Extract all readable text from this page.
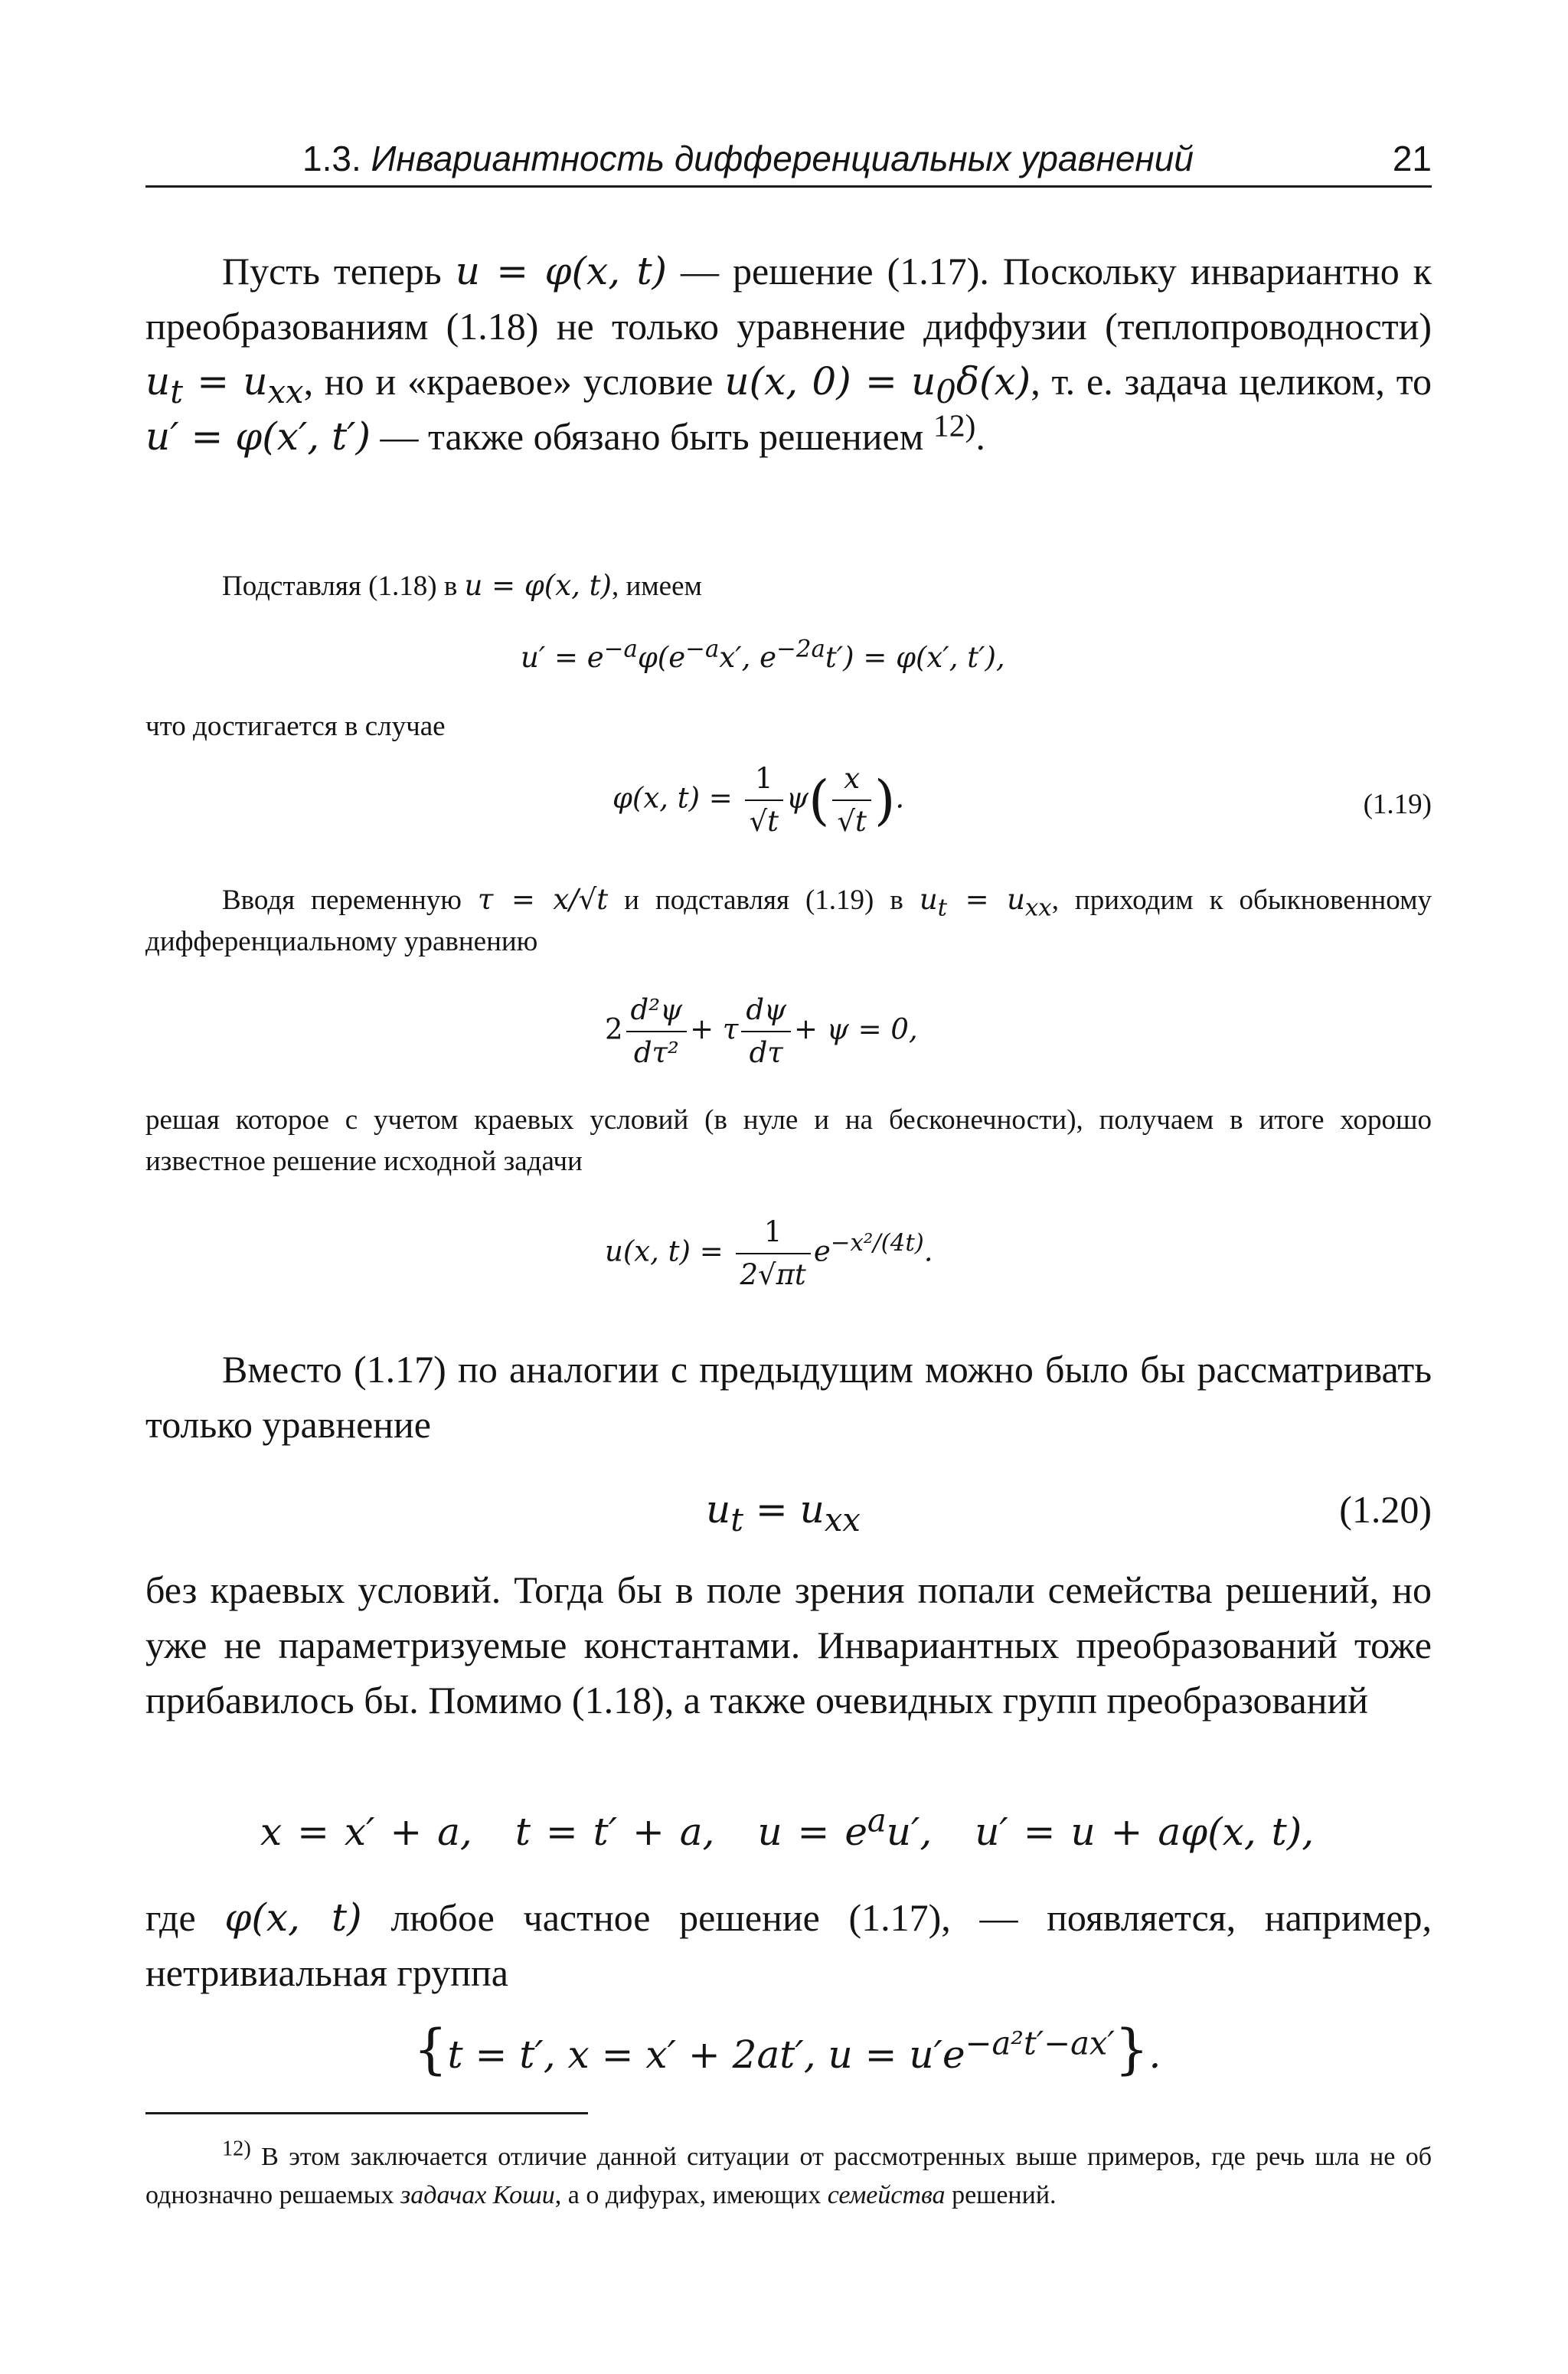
1.3. Инвариантность дифференциальных уравнений	21
Пусть теперь u = φ(x, t) — решение (1.17). Поскольку инвариантно к преобразованиям (1.18) не только уравнение диффузии (теплопроводности) $u_t = u_{xx}$, но и «краевое» условие u(x, $0) = u_0\delta(x)$, т. е. задача целиком, то u′ = φ(x′, t′) — также обязано быть решением $^{12)}$.
Подставляя (1.18) в u = φ(x, t), имеем
$u' = e^{-a}\varphi(e^{-a}x'$, $e^{-2a}t') = \varphi(x'$, t′),
что достигается в случае
φ(x, $t) = \frac{1}{√t} \psi( \frac{x}{√t}$ ).	(1.19)
Вводя переменную τ = x/√t и подставляя (1.19) в $u_t = u_{xx}$, приходим к обыкновенному дифференциальному уравнению
$2 \frac{\text{d²ψ}}{\text{dτ²}} + \tau \frac{d\psi}{d\tau} + \psi = 0$,
решая которое с учетом краевых условий (в нуле и на бесконечности), получаем в итоге хорошо известное решение исходной задачи
u(x, $t) = \frac{1}{2√\pi t} e^{-x^2/(4t)}$.
Вместо (1.17) по аналогии с предыдущим можно было бы рассматривать только уравнение
$u_t = u_{xx}$	(1.20)
без краевых условий. Тогда бы в поле зрения попали семейства решений, но уже не параметризуемые константами. Инвариантных преобразований тоже прибавилось бы. Помимо (1.18), а также очевидных групп преобразований
x = x′ + a, t = t′ + a, $u = e^au'$, u′ = u + aφ(x, t),
где φ(x, t) любое частное решение (1.17), — появляется, например, нетривиальная группа
{t = t′, x = x′ + 2at′, $u = u'e^{-a^2t'-ax'}$}.
$^{12)}$ В этом заключается отличие данной ситуации от рассмотренных выше примеров, где речь шла не об однозначно решаемых задачах Коши, а о дифурах, имеющих семейства решений.
